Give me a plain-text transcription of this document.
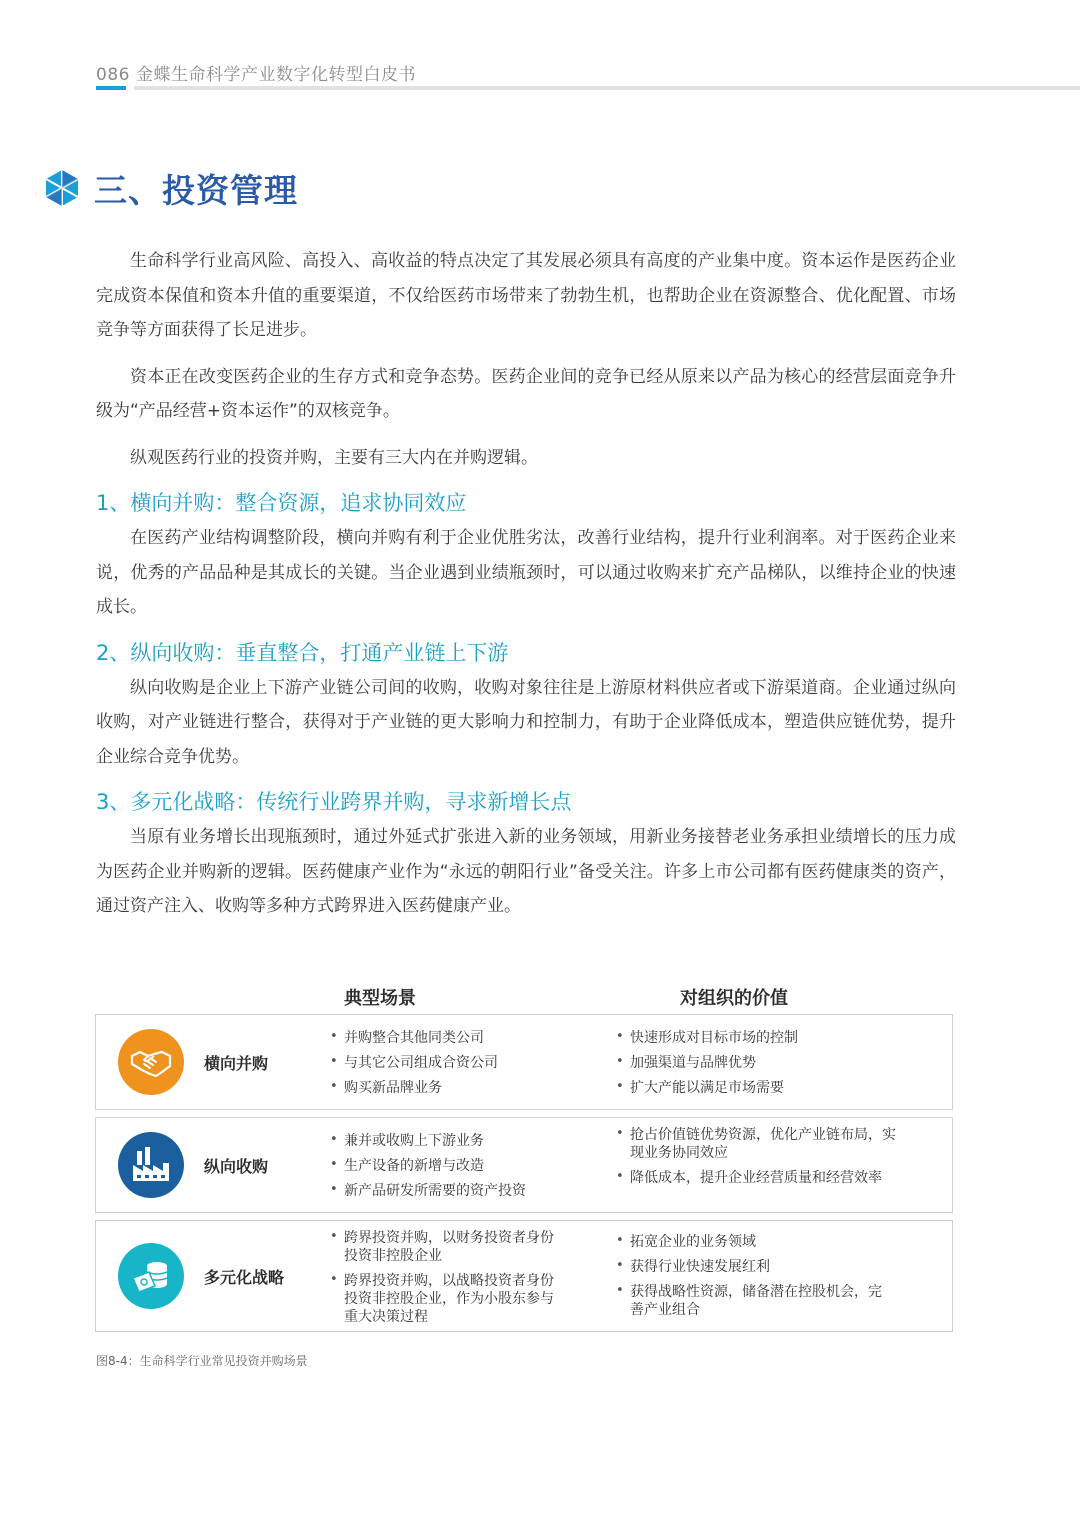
086 金蝶生命科学产业数字化转型白皮书
三、投资管理

生命科学行业高风险、高投入、高收益的特点决定了其发展必须具有高度的产业集中度。资本运作是医药企业完成资本保值和资本升值的重要渠道，不仅给医药市场带来了勃勃生机，也帮助企业在资源整合、优化配置、市场竞争等方面获得了长足进步。

资本正在改变医药企业的生存方式和竞争态势。医药企业间的竞争已经从原来以产品为核心的经营层面竞争升级为“产品经营+资本运作”的双核竞争。

纵观医药行业的投资并购，主要有三大内在并购逻辑。

1、横向并购：整合资源，追求协同效应

在医药产业结构调整阶段，横向并购有利于企业优胜劣汰，改善行业结构，提升行业利润率。对于医药企业来说，优秀的产品品种是其成长的关键。当企业遇到业绩瓶颈时，可以通过收购来扩充产品梯队，以维持企业的快速成长。

2、纵向收购：垂直整合，打通产业链上下游

纵向收购是企业上下游产业链公司间的收购，收购对象往往是上游原材料供应者或下游渠道商。企业通过纵向收购，对产业链进行整合，获得对于产业链的更大影响力和控制力，有助于企业降低成本，塑造供应链优势，提升企业综合竞争优势。

3、多元化战略：传统行业跨界并购，寻求新增长点

当原有业务增长出现瓶颈时，通过外延式扩张进入新的业务领域，用新业务接替老业务承担业绩增长的压力成为医药企业并购新的逻辑。医药健康产业作为“永远的朝阳行业”备受关注。许多上市公司都有医药健康类的资产，通过资产注入、收购等多种方式跨界进入医药健康产业。

典型场景	对组织的价值
横向并购
• 并购整合其他同类公司
• 与其它公司组成合资公司
• 购买新品牌业务
• 快速形成对目标市场的控制
• 加强渠道与品牌优势
• 扩大产能以满足市场需要
纵向收购
• 兼并或收购上下游业务
• 生产设备的新增与改造
• 新产品研发所需要的资产投资
• 抢占价值链优势资源，优化产业链布局，实现业务协同效应
• 降低成本，提升企业经营质量和经营效率
多元化战略
• 跨界投资并购，以财务投资者身份投资非控股企业
• 跨界投资并购，以战略投资者身份投资非控股企业，作为小股东参与重大决策过程
• 拓宽企业的业务领域
• 获得行业快速发展红利
• 获得战略性资源，储备潜在控股机会，完善产业组合
图8-4：生命科学行业常见投资并购场景
